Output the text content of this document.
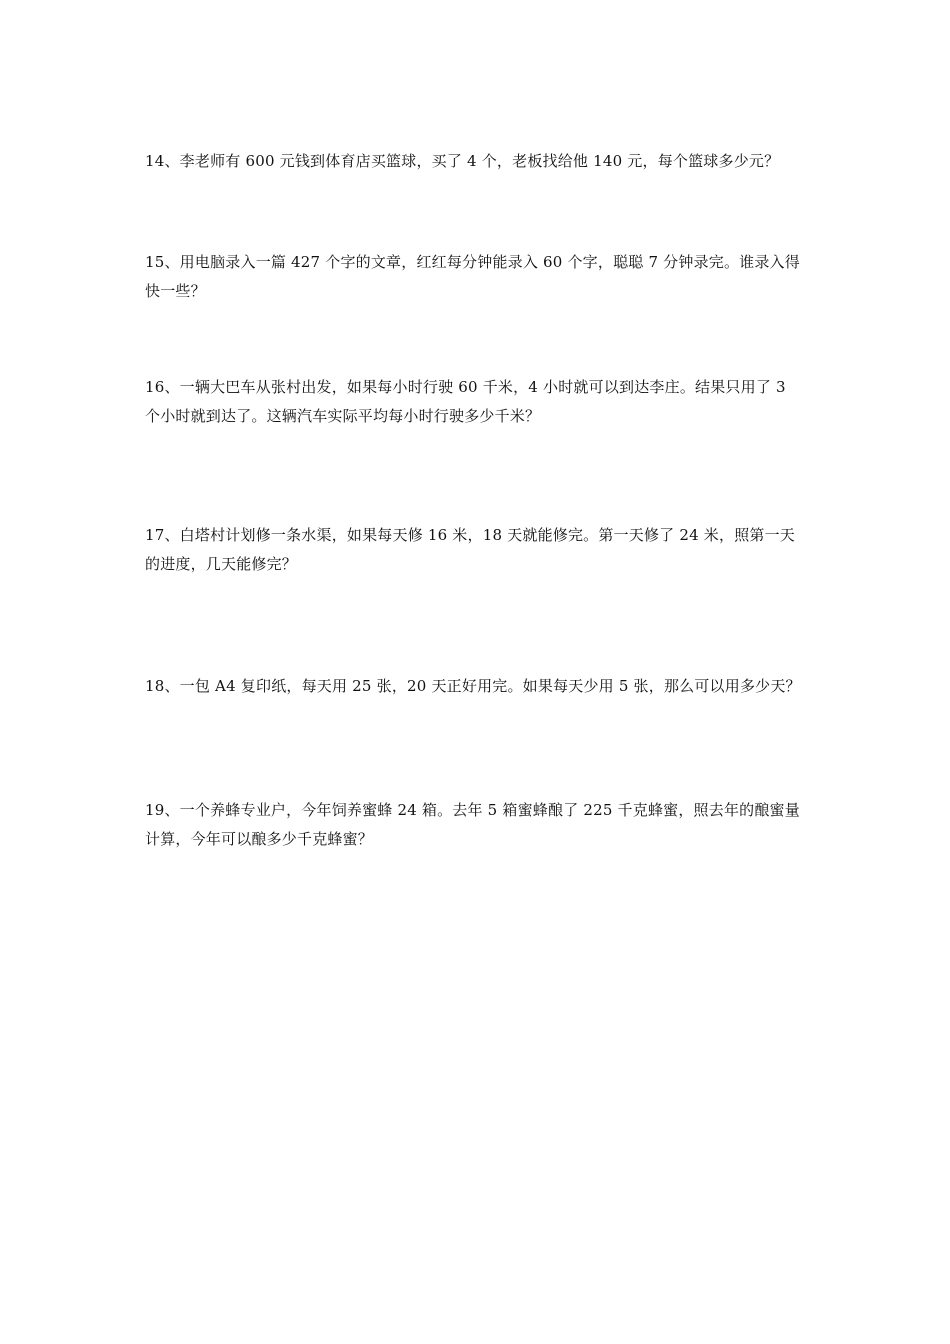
14、李老师有 600 元钱到体育店买篮球，买了 4 个，老板找给他 140 元，每个篮球多少元？

15、用电脑录入一篇 427 个字的文章，红红每分钟能录入 60 个字，聪聪 7 分钟录完。谁录入得

快一些？

16、一辆大巴车从张村出发，如果每小时行驶 60 千米，4 小时就可以到达李庄。结果只用了 3

个小时就到达了。这辆汽车实际平均每小时行驶多少千米？

17、白塔村计划修一条水渠，如果每天修 16 米，18 天就能修完。第一天修了 24 米，照第一天

的进度，几天能修完？

18、一包 A4 复印纸，每天用 25 张，20 天正好用完。如果每天少用 5 张，那么可以用多少天？

19、一个养蜂专业户，今年饲养蜜蜂 24 箱。去年 5 箱蜜蜂酿了 225 千克蜂蜜，照去年的酿蜜量

计算，今年可以酿多少千克蜂蜜？
